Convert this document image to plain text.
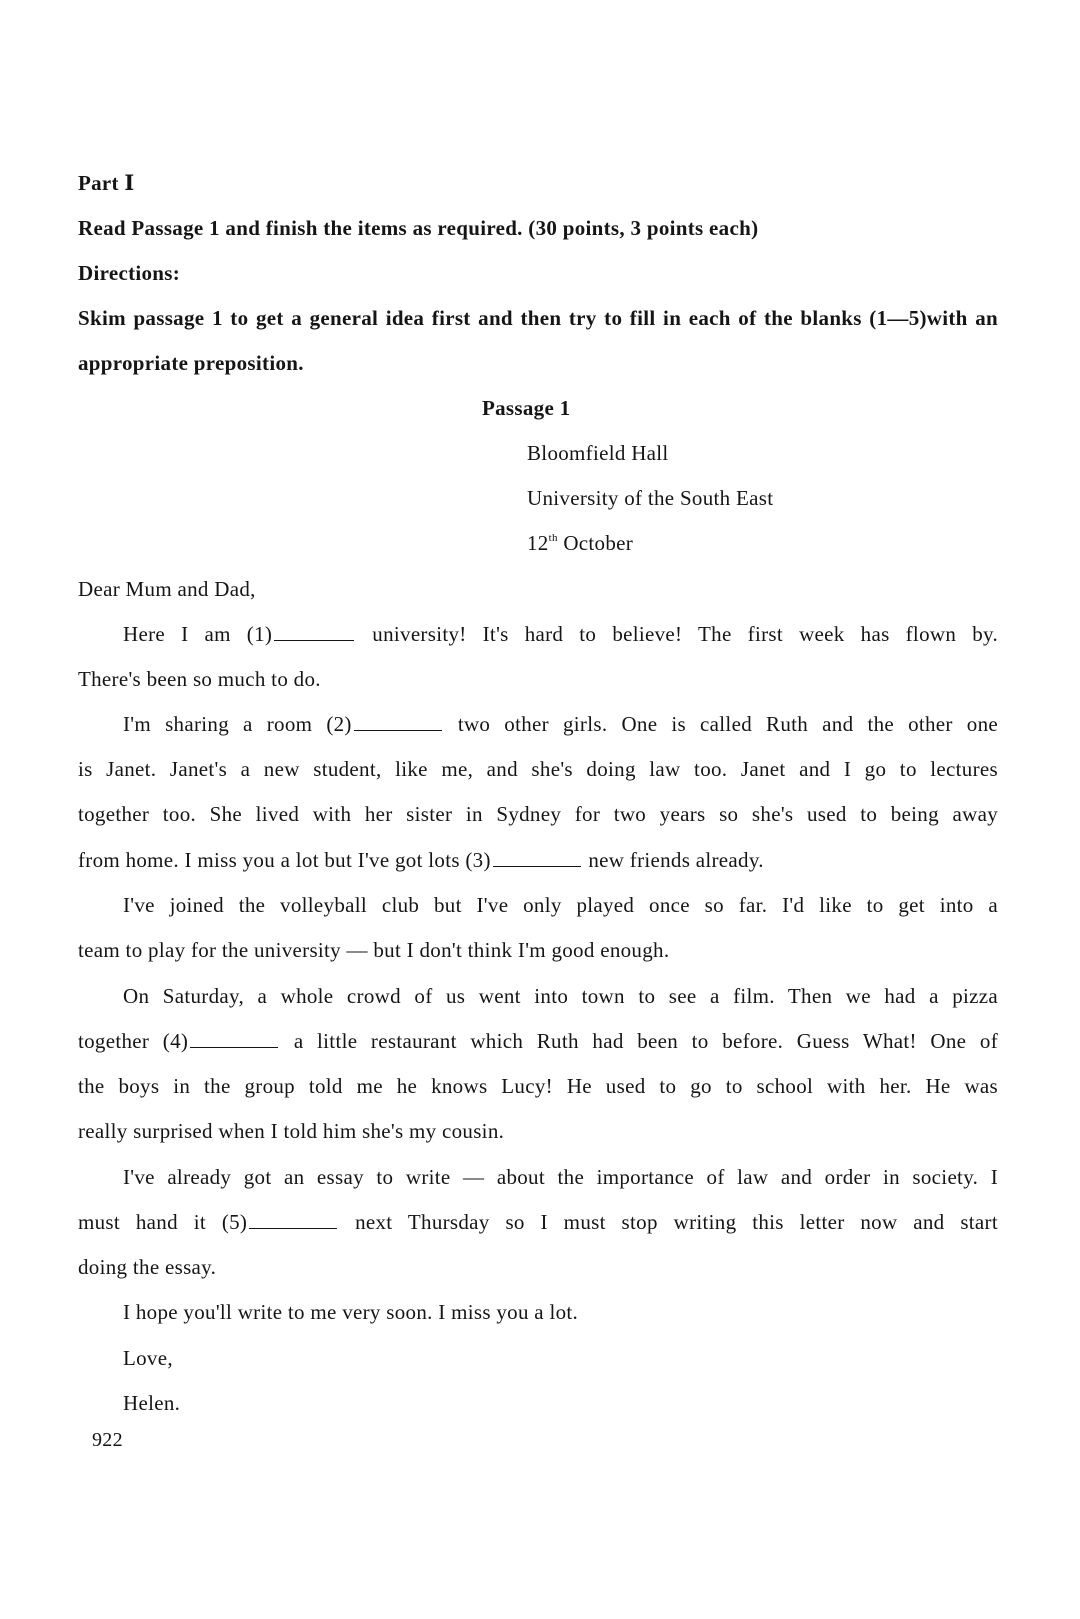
Part Ⅰ
Read Passage 1 and finish the items as required. (30 points, 3 points each)
Directions:
Skim passage 1 to get a general idea first and then try to fill in each of the blanks (1—5)with an
appropriate preposition.
Passage 1
Bloomfield Hall
University of the South East
12th October
Dear Mum and Dad,
Here I am (1)	university! It's hard to believe! The first week has flown by.
There's been so much to do.
I'm sharing a room (2)	two other girls. One is called Ruth and the other one
is Janet. Janet's a new student, like me, and she's doing law too. Janet and I go to lectures
together too. She lived with her sister in Sydney for two years so she's used to being away
from home. I miss you a lot but I've got lots (3)	new friends already.
I've joined the volleyball club but I've only played once so far. I'd like to get into a
team to play for the university — but I don't think I'm good enough.
On Saturday, a whole crowd of us went into town to see a film. Then we had a pizza
together (4)	a little restaurant which Ruth had been to before. Guess What! One of
the boys in the group told me he knows Lucy! He used to go to school with her. He was
really surprised when I told him she's my cousin.
I've already got an essay to write — about the importance of law and order in society. I
must hand it (5)	next Thursday so I must stop writing this letter now and start
doing the essay.
I hope you'll write to me very soon. I miss you a lot.
Love,
Helen.
922
